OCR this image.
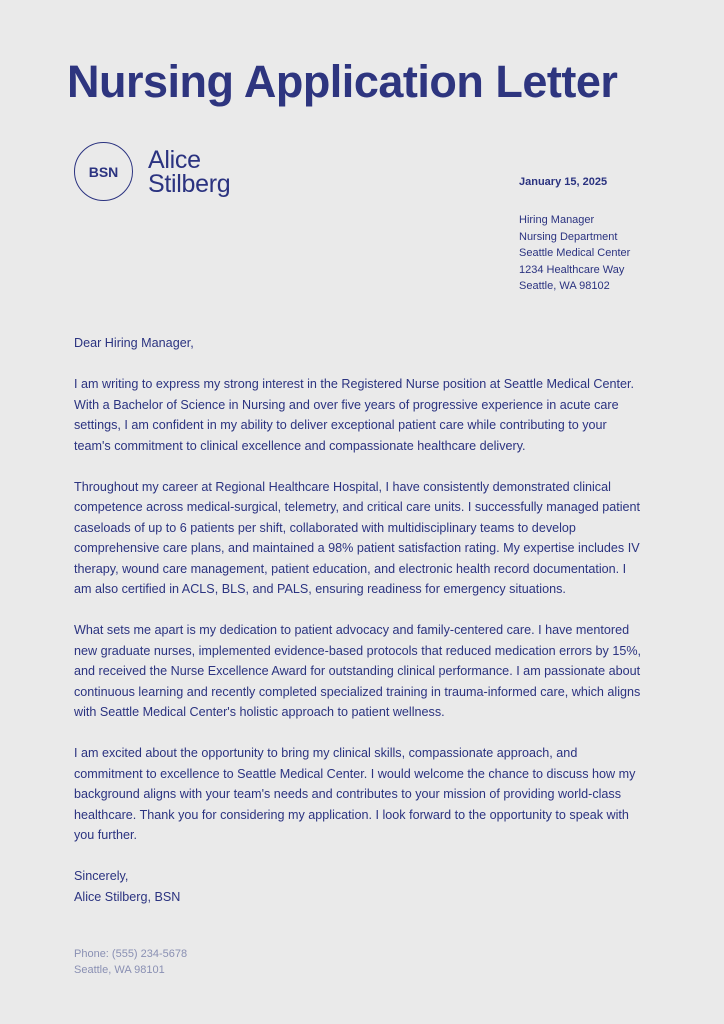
Nursing Application Letter
BSN Alice
Stilberg	January 15, 2025
Hiring Manager
Nursing Department
Seattle Medical Center
1234 Healthcare Way
Seattle, WA 98102

Dear Hiring Manager,

I am writing to express my strong interest in the Registered Nurse position at Seattle Medical Center. With a Bachelor of Science in Nursing and over five years of progressive experience in acute care settings, I am confident in my ability to deliver exceptional patient care while contributing to your team's commitment to clinical excellence and compassionate healthcare delivery.

Throughout my career at Regional Healthcare Hospital, I have consistently demonstrated clinical competence across medical-surgical, telemetry, and critical care units. I successfully managed patient caseloads of up to 6 patients per shift, collaborated with multidisciplinary teams to develop comprehensive care plans, and maintained a 98% patient satisfaction rating. My expertise includes IV therapy, wound care management, patient education, and electronic health record documentation. I am also certified in ACLS, BLS, and PALS, ensuring readiness for emergency situations.

What sets me apart is my dedication to patient advocacy and family-centered care. I have mentored new graduate nurses, implemented evidence-based protocols that reduced medication errors by 15%, and received the Nurse Excellence Award for outstanding clinical performance. I am passionate about continuous learning and recently completed specialized training in trauma-informed care, which aligns with Seattle Medical Center's holistic approach to patient wellness.

I am excited about the opportunity to bring my clinical skills, compassionate approach, and commitment to excellence to Seattle Medical Center. I would welcome the chance to discuss how my background aligns with your team's needs and contributes to your mission of providing world-class healthcare. Thank you for considering my application. I look forward to the opportunity to speak with you further.

Sincerely,
Alice Stilberg, BSN
Phone: (555) 234-5678
Seattle, WA 98101
